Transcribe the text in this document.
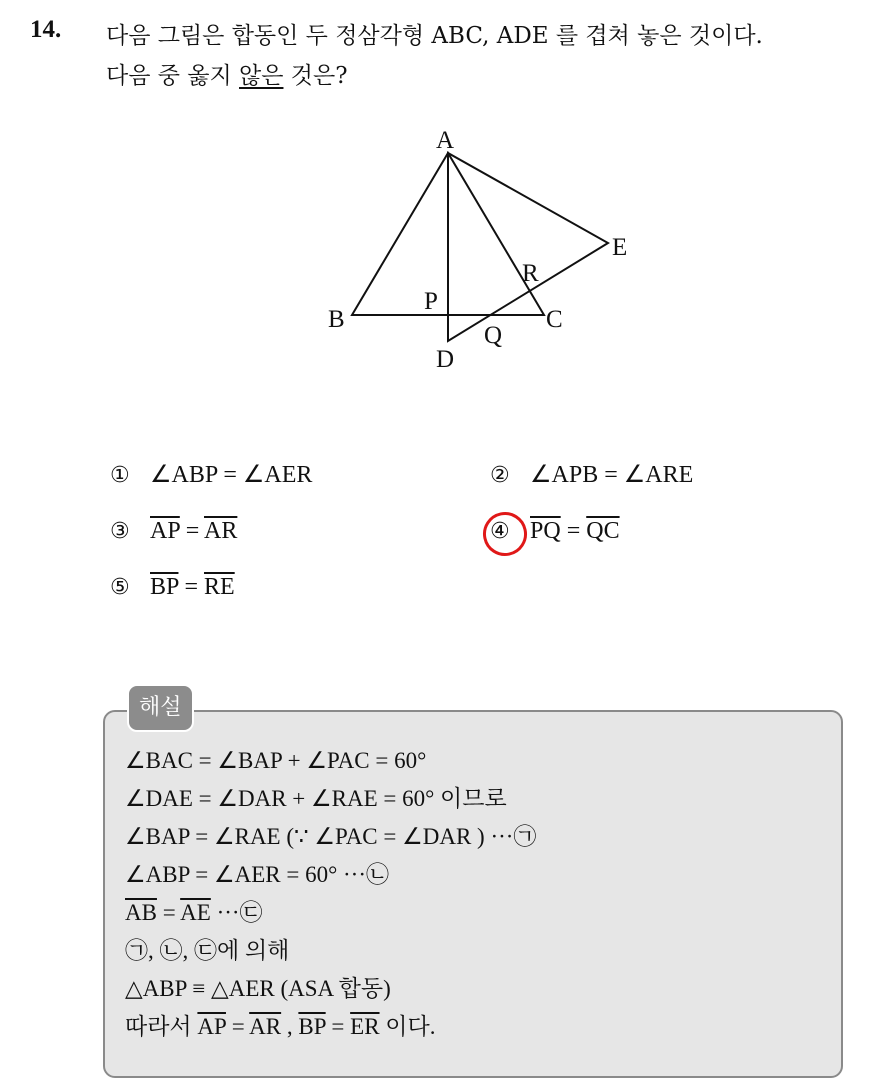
14. 다음 그림은 합동인 두 정삼각형 ABC, ADE 를 겹쳐 놓은 것이다.
다음 중 옳지 않은 것은?
A
B	C
D
E
P
Q
R
① ∠ABP = ∠AER	② ∠APB = ∠ARE
③ $\overline{AP} = \overline{AR}$	④ $\overline{PQ} = \overline{QC}$
⑤ $\overline{BP} = \overline{RE}$
∠BAC = ∠BAP + ∠PAC = 60°
∠DAE = ∠DAR + ∠RAE = 60° 이므로
∠BAP = ∠RAE (∵ ∠PAC = ∠DAR ) ···㉠
∠ABP = ∠AER = 60° ···㉡
$\overline{AB} = \overline{AE}$ ···㉢
㉠, ㉡, ㉢에 의해
△ABP ≡ △AER (ASA 합동)
따라서 $\overline{AP} = \overline{AR}$ , $\overline{BP} = \overline{ER}$ 이다.
해설
